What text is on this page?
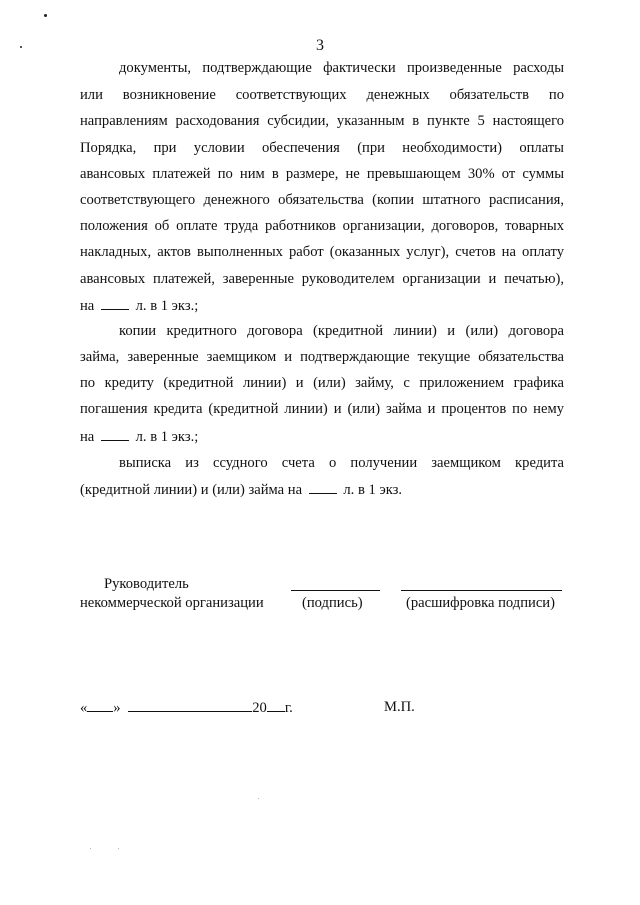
3
документы, подтверждающие фактически произведенные расходы
или возникновение соответствующих денежных обязательств по
направлениям расходования субсидии, указанным в пункте 5 настоящего
Порядка, при условии обеспечения (при необходимости) оплаты
авансовых платежей по ним в размере, не превышающем 30% от суммы
соответствующего денежного обязательства (копии штатного расписания,
положения об оплате труда работников организации, договоров, товарных
накладных, актов выполненных работ (оказанных услуг), счетов на оплату
авансовых платежей, заверенные руководителем организации и печатью),
на	л. в 1 экз.;
копии кредитного договора (кредитной линии) и (или) договора
займа, заверенные заемщиком и подтверждающие текущие обязательства
по кредиту (кредитной линии) и (или) займу, с приложением графика
погашения кредита (кредитной линии) и (или) займа и процентов по нему
на	л. в 1 экз.;
выписка из ссудного счета о получении заемщиком кредита
(кредитной линии) и (или) займа на	л. в 1 экз.
Руководитель
некоммерческой организации	(подпись)	(расшифровка подписи)
« »	20 г.	М.П.
